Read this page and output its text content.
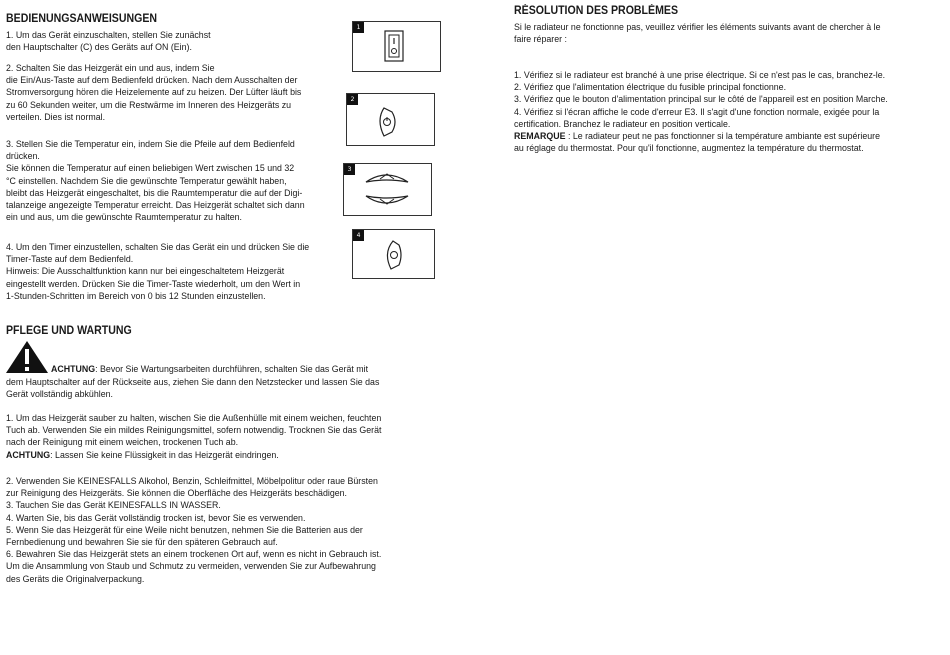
BEDIENUNGSANWEISUNGEN
1. Um das Gerät einzuschalten, stellen Sie zunächst
den Hauptschalter (C) des Geräts auf ON (Ein).
2. Schalten Sie das Heizgerät ein und aus, indem Sie
die Ein/Aus-Taste auf dem Bedienfeld drücken. Nach dem Ausschalten der
Stromversorgung hören die Heizelemente auf zu heizen. Der Lüfter läuft bis
zu 60 Sekunden weiter, um die Restwärme im Inneren des Heizgeräts zu
verteilen. Dies ist normal.
3. Stellen Sie die Temperatur ein, indem Sie die Pfeile auf dem Bedienfeld
drücken.
Sie können die Temperatur auf einen beliebigen Wert zwischen 15 und 32
°C einstellen. Nachdem Sie die gewünschte Temperatur gewählt haben,
bleibt das Heizgerät eingeschaltet, bis die Raumtemperatur die auf der Digi-
talanzeige angezeigte Temperatur erreicht. Das Heizgerät schaltet sich dann
ein und aus, um die gewünschte Raumtemperatur zu halten.
4. Um den Timer einzustellen, schalten Sie das Gerät ein und drücken Sie die
Timer-Taste auf dem Bedienfeld.
Hinweis: Die Ausschaltfunktion kann nur bei eingeschaltetem Heizgerät
eingestellt werden. Drücken Sie die Timer-Taste wiederholt, um den Wert in
1-Stunden-Schritten im Bereich von 0 bis 12 Stunden einzustellen.
1
2
3
4
PFLEGE UND WARTUNG
ACHTUNG: Bevor Sie Wartungsarbeiten durchführen, schalten Sie das Gerät mit
dem Hauptschalter auf der Rückseite aus, ziehen Sie dann den Netzstecker und lassen Sie das
Gerät vollständig abkühlen.
1. Um das Heizgerät sauber zu halten, wischen Sie die Außenhülle mit einem weichen, feuchten
Tuch ab. Verwenden Sie ein mildes Reinigungsmittel, sofern notwendig. Trocknen Sie das Gerät
nach der Reinigung mit einem weichen, trockenen Tuch ab.
ACHTUNG: Lassen Sie keine Flüssigkeit in das Heizgerät eindringen.
2. Verwenden Sie KEINESFALLS Alkohol, Benzin, Schleifmittel, Möbelpolitur oder raue Bürsten
zur Reinigung des Heizgeräts. Sie können die Oberfläche des Heizgeräts beschädigen.
3. Tauchen Sie das Gerät KEINESFALLS IN WASSER.
4. Warten Sie, bis das Gerät vollständig trocken ist, bevor Sie es verwenden.
5. Wenn Sie das Heizgerät für eine Weile nicht benutzen, nehmen Sie die Batterien aus der
Fernbedienung und bewahren Sie sie für den späteren Gebrauch auf.
6. Bewahren Sie das Heizgerät stets an einem trockenen Ort auf, wenn es nicht in Gebrauch ist.
Um die Ansammlung von Staub und Schmutz zu vermeiden, verwenden Sie zur Aufbewahrung
des Geräts die Originalverpackung.
RÉSOLUTION DES PROBLÈMES
Si le radiateur ne fonctionne pas, veuillez vérifier les éléments suivants avant de chercher à le
faire réparer :
1. Vérifiez si le radiateur est branché à une prise électrique. Si ce n'est pas le cas, branchez-le.
2. Vérifiez que l'alimentation électrique du fusible principal fonctionne.
3. Vérifiez que le bouton d'alimentation principal sur le côté de l'appareil est en position Marche.
4. Vérifiez si l'écran affiche le code d'erreur E3. Il s'agit d'une fonction normale, exigée pour la
certification. Branchez le radiateur en position verticale.
REMARQUE : Le radiateur peut ne pas fonctionner si la température ambiante est supérieure
au réglage du thermostat. Pour qu'il fonctionne, augmentez la température du thermostat.
